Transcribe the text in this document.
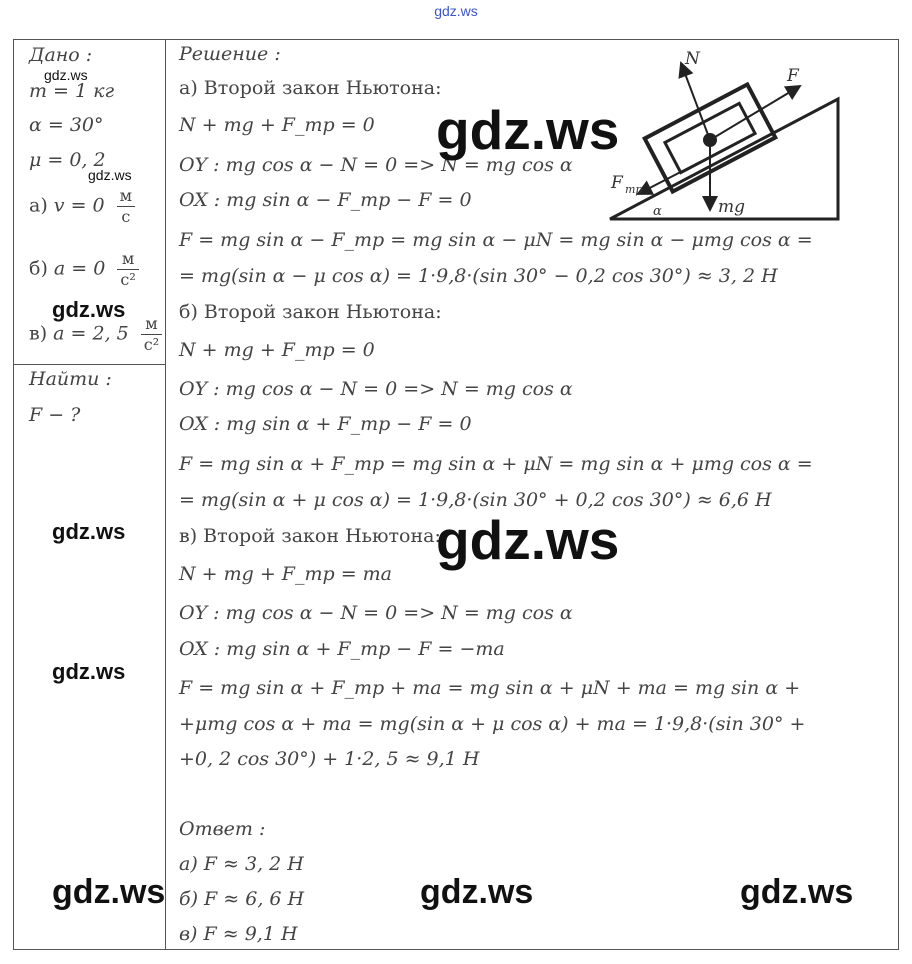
gdz.ws
Дано :
m = 1 кг
α = 30°
μ = 0, 2
а) $v = 0 \frac{м}{с}$
б) $a = 0 \frac{м}{\text{с²}}$
в) a = 2, $5 \frac{м}{\text{с²}}$
Найти :
F − ?
Решение :
а) Второй закон Ньютона:
N + mg + F_тр = 0
OY : mg cos α − N = 0 => N = mg cos α
OX : mg sin α − F_тр − F = 0
F = mg sin α − F_тр = mg sin α − μN = mg sin α − μmg cos α =
= mg(sin α − μ cos α) = 1·9,8·(sin 30° − 0,2 cos 30°) ≈ 3, 2 Н
б) Второй закон Ньютона:
N + mg + F_тр = 0
OY : mg cos α − N = 0 => N = mg cos α
OX : mg sin α + F_тр − F = 0
F = mg sin α + F_тр = mg sin α + μN = mg sin α + μmg cos α =
= mg(sin α + μ cos α) = 1·9,8·(sin 30° + 0,2 cos 30°) ≈ 6,6 Н
в) Второй закон Ньютона:
N + mg + F_тр = ma
OY : mg cos α − N = 0 => N = mg cos α
OX : mg sin α + F_тр − F = −ma
F = mg sin α + F_тр + ma = mg sin α + μN + ma = mg sin α +
+μmg cos α + ma = mg(sin α + μ cos α) + ma = 1·9,8·(sin 30° +
+0, 2 cos 30°) + 1·2, 5 ≈ 9,1 Н
Ответ :
а) F ≈ 3, 2 Н
б) F ≈ 6, 6 Н
в) F ≈ 9,1 Н
N
F
F тр
mg
α
gdz.ws
gdz.ws
gdz.ws
gdz.ws
gdz.ws
gdz.ws
gdz.ws
gdz.ws	gdz.ws	gdz.ws
